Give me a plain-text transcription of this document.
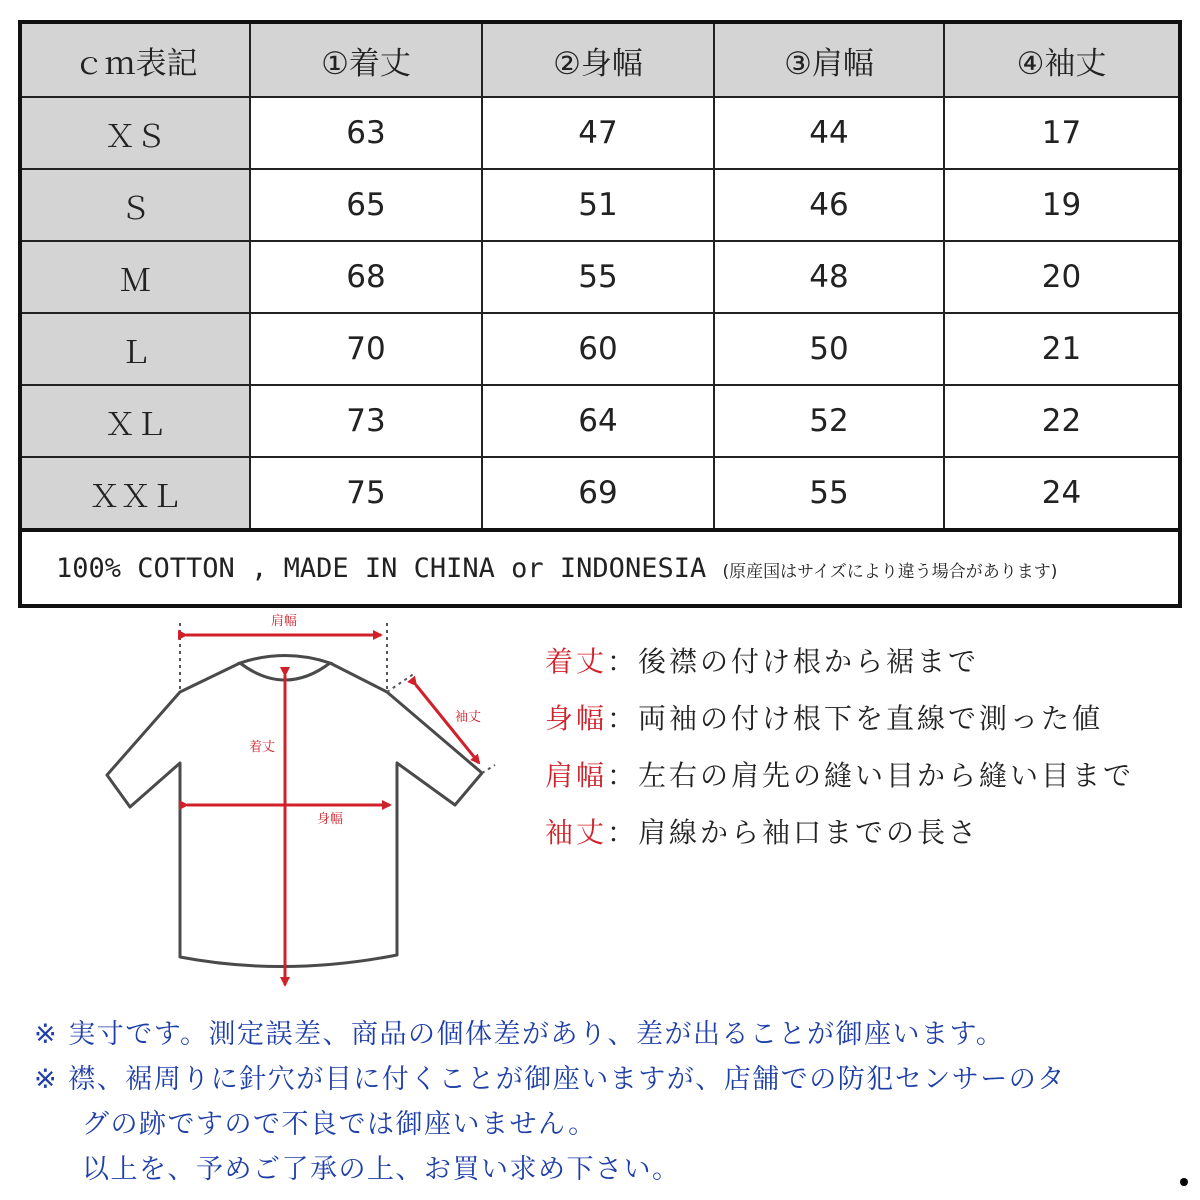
ｃｍ表記	①着丈	②身幅	③肩幅	④袖丈
ＸＳ	63	47	44	17
Ｓ	65	51	46	19
Ｍ	68	55	48	20
Ｌ	70	60	50	21
ＸＬ	73	64	52	22
ＸＸＬ	75	69	55	24
100% COTTON , MADE IN CHINA or INDONESIA (原産国はサイズにより違う場合があります)				
肩幅
袖丈
着丈
身幅
着丈：後襟の付け根から裾まで
身幅：両袖の付け根下を直線で測った値
肩幅：左右の肩先の縫い目から縫い目まで
袖丈：肩線から袖口までの長さ
※ 実寸です。測定誤差、商品の個体差があり、差が出ることが御座います。
※ 襟、裾周りに針穴が目に付くことが御座いますが、店舗での防犯センサーのタ
グの跡ですので不良では御座いません。
以上を、予めご了承の上、お買い求め下さい。
